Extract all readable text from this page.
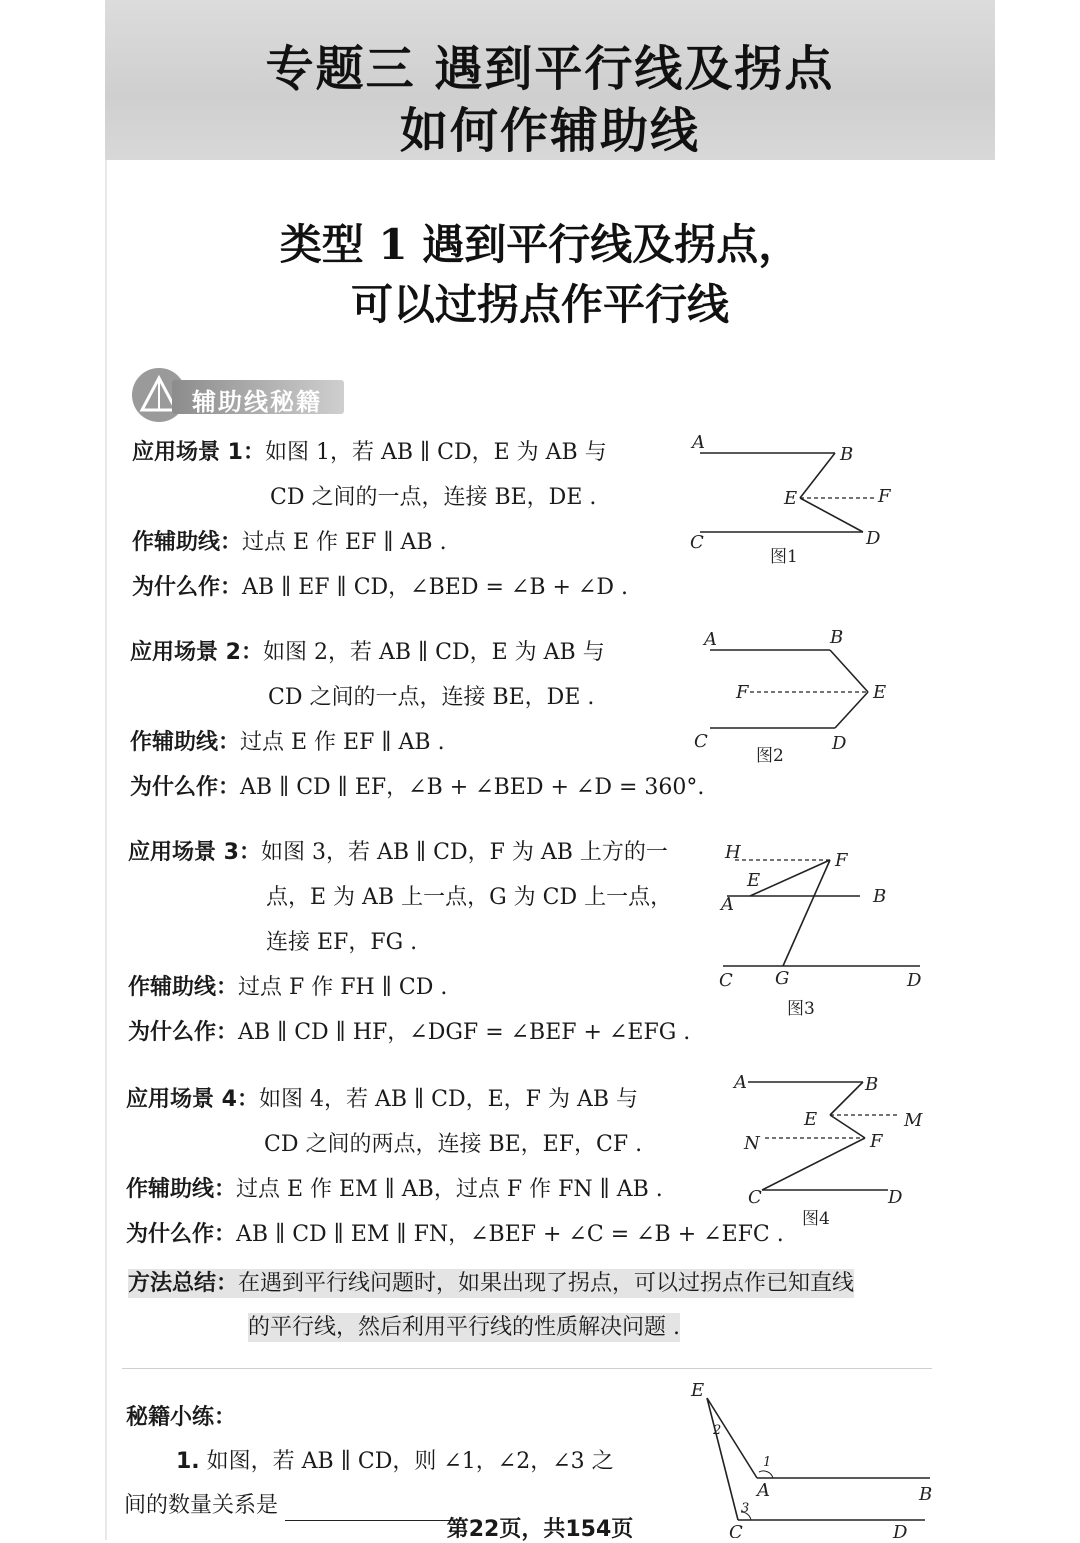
专题三 遇到平行线及拐点
如何作辅助线
类型 1 遇到平行线及拐点，
可以过拐点作平行线
辅助线秘籍
应用场景 1：如图 1，若 AB ∥ CD，E 为 AB 与
CD 之间的一点，连接 BE，DE .
作辅助线：过点 E 作 EF ∥ AB .
为什么作：AB ∥ EF ∥ CD，∠BED = ∠B + ∠D .
应用场景 2：如图 2，若 AB ∥ CD，E 为 AB 与
CD 之间的一点，连接 BE，DE .
作辅助线：过点 E 作 EF ∥ AB .
为什么作：AB ∥ CD ∥ EF，∠B + ∠BED + ∠D = 360°.
应用场景 3：如图 3，若 AB ∥ CD，F 为 AB 上方的一
点，E 为 AB 上一点，G 为 CD 上一点，
连接 EF，FG .
作辅助线：过点 F 作 FH ∥ CD .
为什么作：AB ∥ CD ∥ HF，∠DGF = ∠BEF + ∠EFG .
应用场景 4：如图 4，若 AB ∥ CD，E，F 为 AB 与
CD 之间的两点，连接 BE，EF，CF .
作辅助线：过点 E 作 EM ∥ AB，过点 F 作 FN ∥ AB .
为什么作：AB ∥ CD ∥ EM ∥ FN，∠BEF + ∠C = ∠B + ∠EFC .
方法总结：在遇到平行线问题时，如果出现了拐点，可以过拐点作已知直线
的平行线，然后利用平行线的性质解决问题 .
秘籍小练：
1. 如图，若 AB ∥ CD，则 ∠1，∠2，∠3 之
间的数量关系是
A
B
E	F
C	D
图1
A	B
F	E
C	D
图2
H	F
E
A	B
C G	D
图3
A	B
E	M
N	F
C	D
图4
E
2
1
A	B
3
C	D
第22页，共154页
